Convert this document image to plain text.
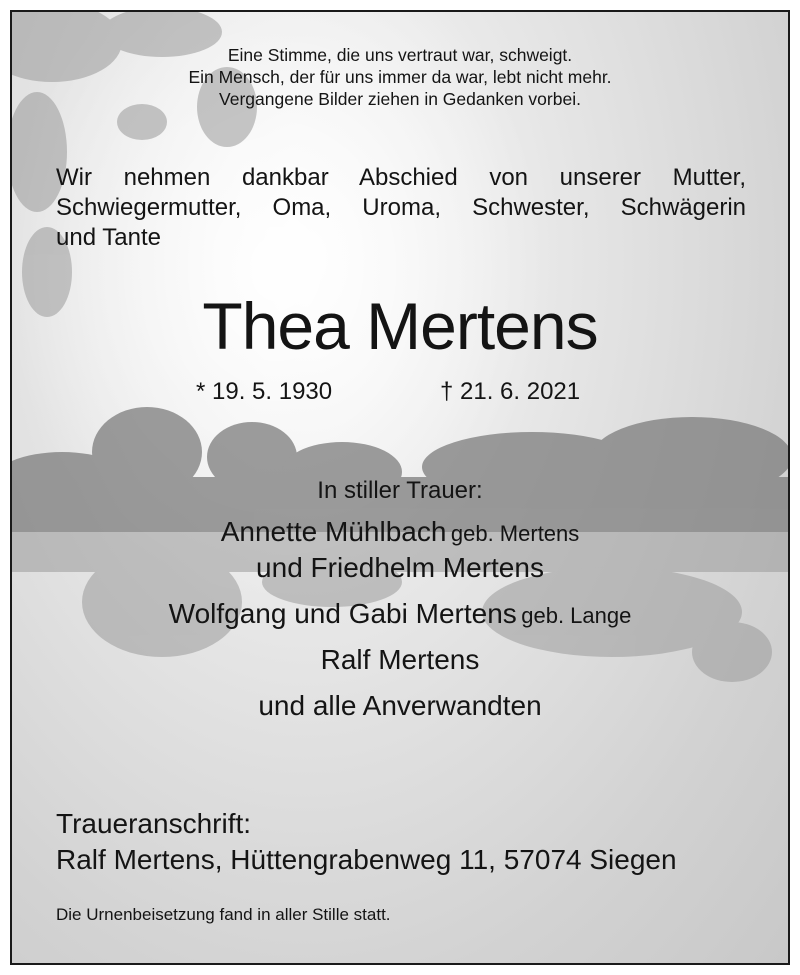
Eine Stimme, die uns vertraut war, schweigt.
Ein Mensch, der für uns immer da war, lebt nicht mehr.
Vergangene Bilder ziehen in Gedanken vorbei.
Wir nehmen dankbar Abschied von unserer Mutter,
Schwiegermutter, Oma, Uroma, Schwester, Schwägerin
und Tante
Thea Mertens
* 19. 5. 1930	† 21. 6. 2021
In stiller Trauer:
Annette Mühlbach geb. Mertens
und Friedhelm Mertens
Wolfgang und Gabi Mertens geb. Lange
Ralf Mertens
und alle Anverwandten
Traueranschrift:
Ralf Mertens, Hüttengrabenweg 11, 57074 Siegen
Die Urnenbeisetzung fand in aller Stille statt.
